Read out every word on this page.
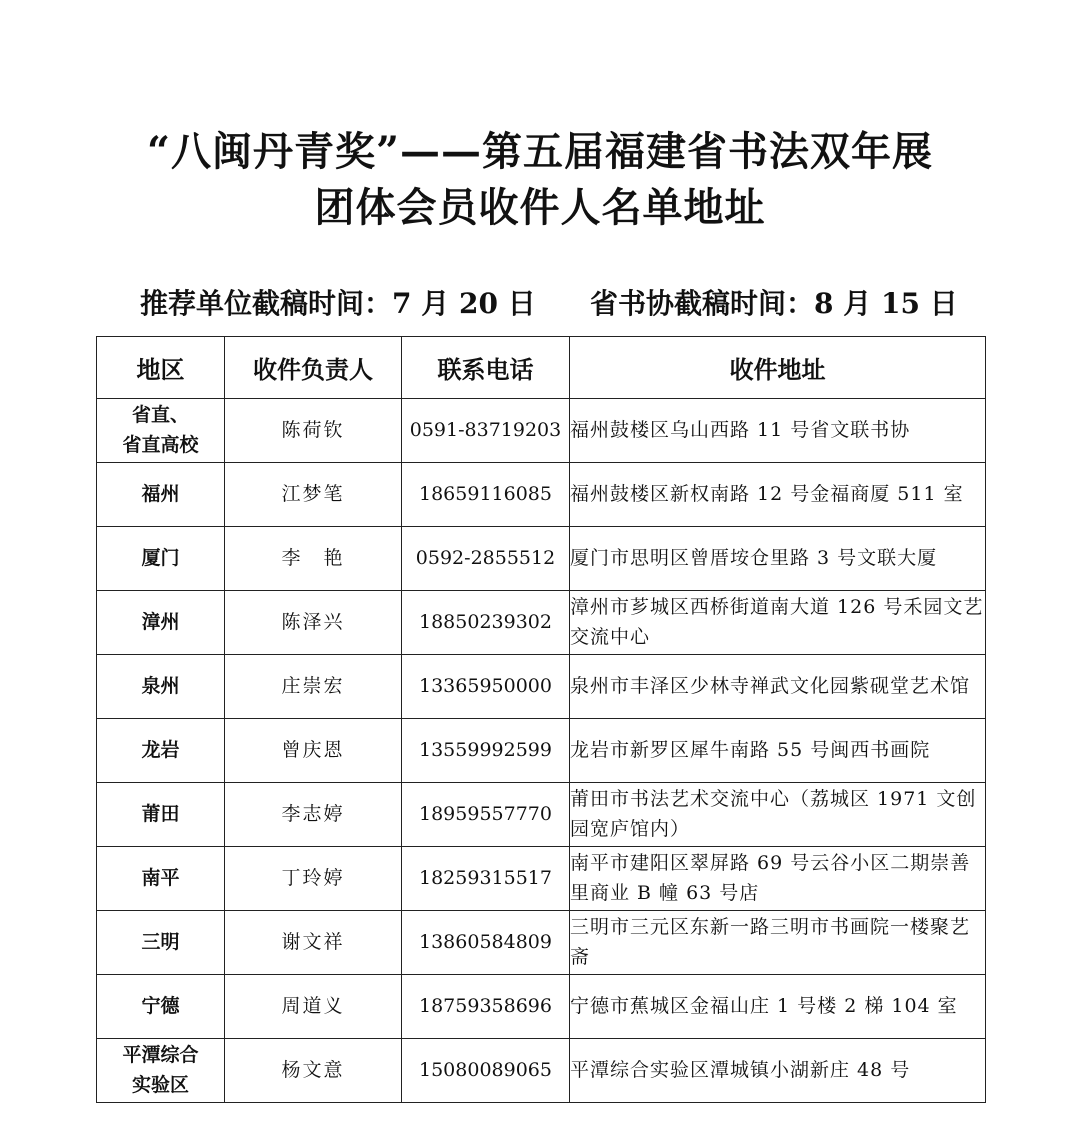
“八闽丹青奖”——第五届福建省书法双年展
团体会员收件人名单地址
推荐单位截稿时间：7 月 20 日 省书协截稿时间：8 月 15 日
地区	收件负责人	联系电话	收件地址
省直、
省直高校	陈荷钦	0591-83719203	福州鼓楼区乌山西路 11 号省文联书协
福州	江梦笔	18659116085	福州鼓楼区新权南路 12 号金福商厦 511 室
厦门	李　艳	0592-2855512	厦门市思明区曾厝垵仓里路 3 号文联大厦
漳州	陈泽兴	18850239302	漳州市芗城区西桥街道南大道 126 号禾园文艺交流中心
泉州	庄崇宏	13365950000	泉州市丰泽区少林寺禅武文化园紫砚堂艺术馆
龙岩	曾庆恩	13559992599	龙岩市新罗区犀牛南路 55 号闽西书画院
莆田	李志婷	18959557770	莆田市书法艺术交流中心（荔城区 1971 文创园宽庐馆内）
南平	丁玲婷	18259315517	南平市建阳区翠屏路 69 号云谷小区二期崇善里商业 B 幢 63 号店
三明	谢文祥	13860584809	三明市三元区东新一路三明市书画院一楼聚艺斋
宁德	周道义	18759358696	宁德市蕉城区金福山庄 1 号楼 2 梯 104 室
平潭综合
实验区	杨文意	15080089065	平潭综合实验区潭城镇小湖新庄 48 号
